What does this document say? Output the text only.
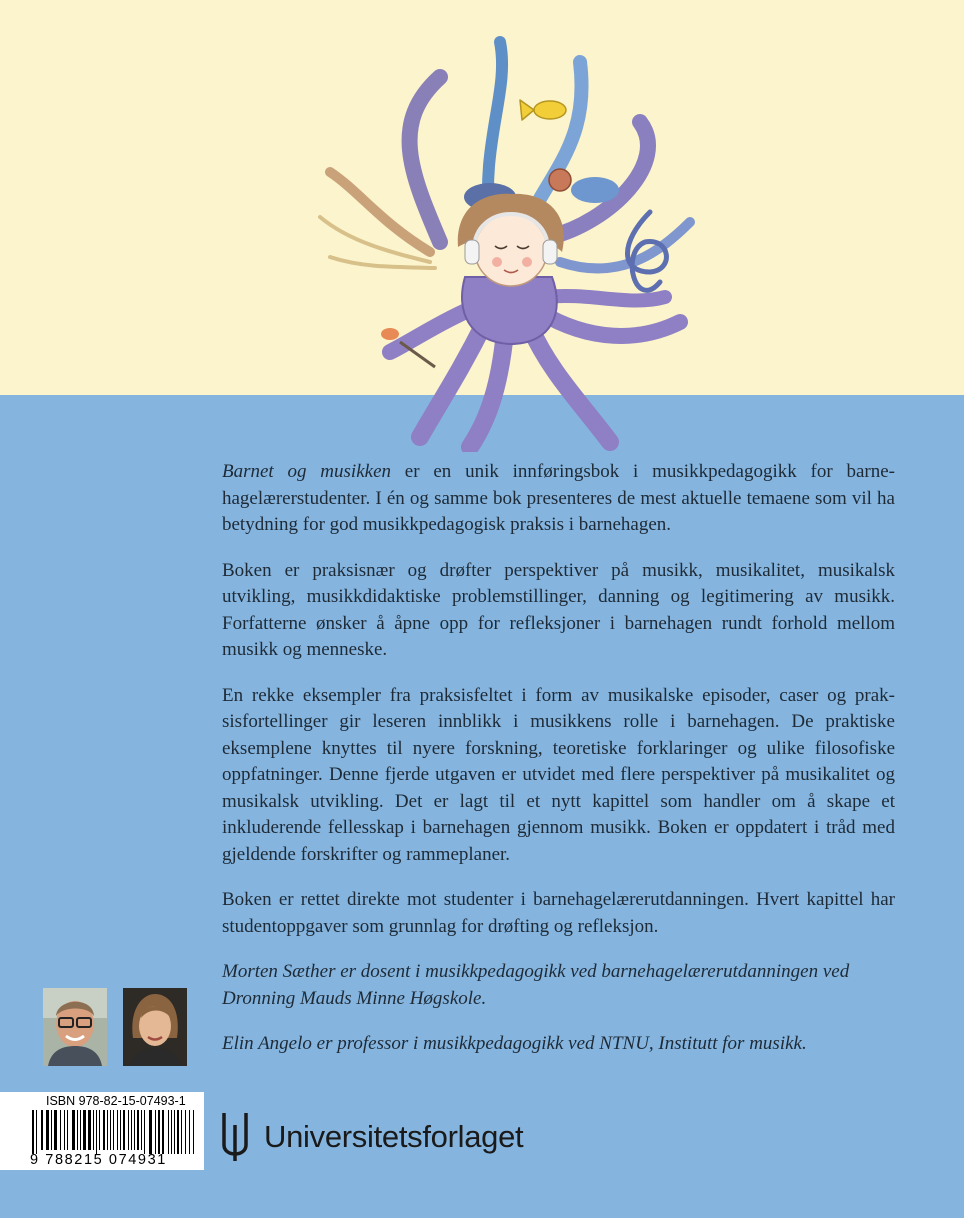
Barnet og musikken er en unik innføringsbok i musikkpedagogikk for barnehagelærerstudenter. I én og samme bok presenteres de mest aktuelle temaene som vil ha betydning for god musikkpedagogisk praksis i barnehagen.

Boken er praksisnær og drøfter perspektiver på musikk, musikalitet, musikalsk utvikling, musikkdidaktiske problemstillinger, danning og legitimering av musikk. Forfatterne ønsker å åpne opp for refleksjoner i barnehagen rundt forhold mellom musikk og menneske.

En rekke eksempler fra praksisfeltet i form av musikalske episoder, caser og praksisfortellinger gir leseren innblikk i musikkens rolle i barnehagen. De praktiske eksemplene knyttes til nyere forskning, teoretiske forklaringer og ulike filosofiske oppfatninger. Denne fjerde utgaven er utvidet med flere perspektiver på musikalitet og musikalsk utvikling. Det er lagt til et nytt kapittel som handler om å skape et inkluderende fellesskap i barnehagen gjennom musikk. Boken er oppdatert i tråd med gjeldende forskrifter og rammeplaner.

Boken er rettet direkte mot studenter i barnehagelærerutdanningen. Hvert kapittel har studentoppgaver som grunnlag for drøfting og refleksjon.

Morten Sæther er dosent i musikkpedagogikk ved barnehagelærerutdanningen ved Dronning Mauds Minne Høgskole.

Elin Angelo er professor i musikkpedagogikk ved NTNU, Institutt for musikk.

ISBN 978-82-15-07493-1
9 788215 074931
Universitetsforlaget
